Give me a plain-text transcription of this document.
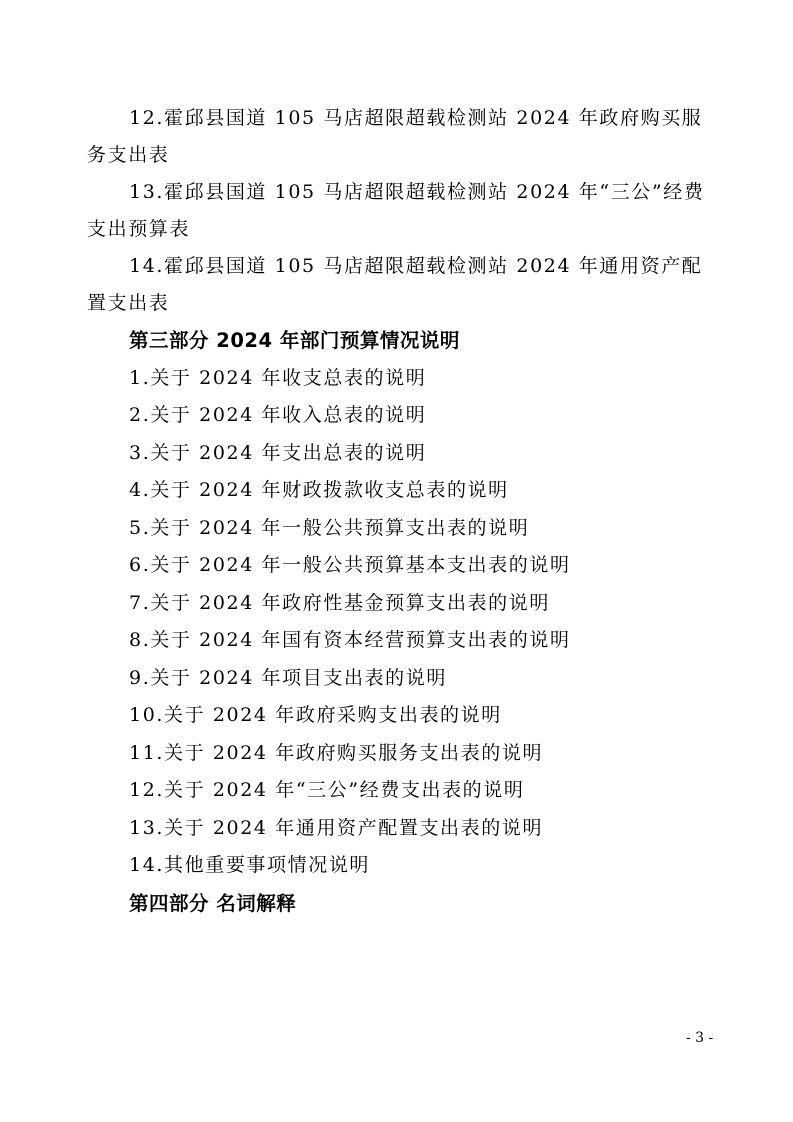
12.霍邱县国道 105 马店超限超载检测站 2024 年政府购买服务支出表

13.霍邱县国道 105 马店超限超载检测站 2024 年“三公”经费支出预算表

14.霍邱县国道 105 马店超限超载检测站 2024 年通用资产配置支出表

第三部分 2024 年部门预算情况说明

1.关于 2024 年收支总表的说明

2.关于 2024 年收入总表的说明

3.关于 2024 年支出总表的说明

4.关于 2024 年财政拨款收支总表的说明

5.关于 2024 年一般公共预算支出表的说明

6.关于 2024 年一般公共预算基本支出表的说明

7.关于 2024 年政府性基金预算支出表的说明

8.关于 2024 年国有资本经营预算支出表的说明

9.关于 2024 年项目支出表的说明

10.关于 2024 年政府采购支出表的说明

11.关于 2024 年政府购买服务支出表的说明

12.关于 2024 年“三公”经费支出表的说明

13.关于 2024 年通用资产配置支出表的说明

14.其他重要事项情况说明

第四部分 名词解释

- 3 -
